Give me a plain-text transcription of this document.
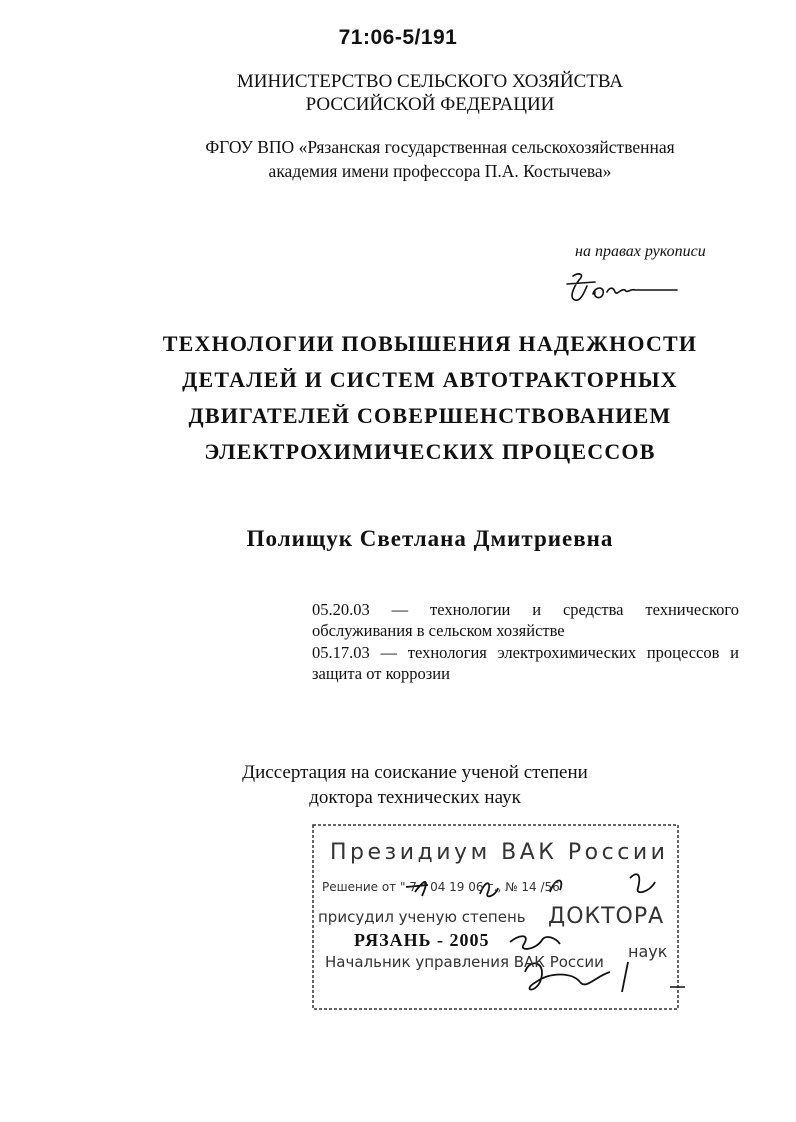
71:06-5/191
МИНИСТЕРСТВО СЕЛЬСКОГО ХОЗЯЙСТВА
РОССИЙСКОЙ ФЕДЕРАЦИИ
ФГОУ ВПО «Рязанская государственная сельскохозяйственная
академия имени профессора П.А. Костычева»
на правах рукописи
ТЕХНОЛОГИИ ПОВЫШЕНИЯ НАДЕЖНОСТИ
ДЕТАЛЕЙ И СИСТЕМ АВТОТРАКТОРНЫХ
ДВИГАТЕЛЕЙ СОВЕРШЕНСТВОВАНИЕМ
ЭЛЕКТРОХИМИЧЕСКИХ ПРОЦЕССОВ
Полищук Светлана Дмитриевна
05.20.03 — технологии и средства технического обслуживания в сельском хозяйстве
05.17.03 — технология электрохимических процессов и защита от коррозии
Диссертация на соискание ученой степени
доктора технических наук
Президиум ВАК России
Решение от " 7 " 04 19 06 г., № 14 /56
присудил ученую степень ДОКТОРА
Начальник управления ВАК России
наук
РЯЗАНЬ - 2005
